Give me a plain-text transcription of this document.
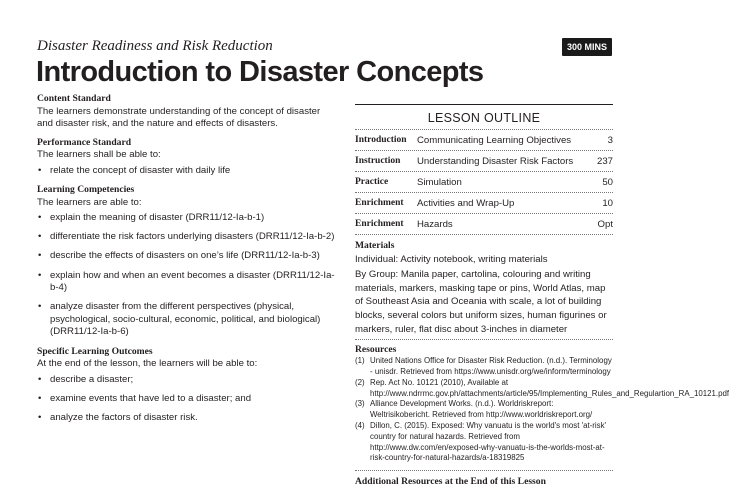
Disaster Readiness and Risk Reduction	300 MINS
Introduction to Disaster Concepts
Content Standard
The learners demonstrate understanding of the concept of disaster and disaster risk, and the nature and effects of disasters.
Performance Standard
The learners shall be able to:
• relate the concept of disaster with daily life
Learning Competencies
The learners are able to:
• explain the meaning of disaster (DRR11/12-Ia-b-1)
• differentiate the risk factors underlying disasters (DRR11/12-Ia-b-2)
• describe the effects of disasters on one’s life (DRR11/12-Ia-b-3)
• explain how and when an event becomes a disaster (DRR11/12-Ia-b-4)
• analyze disaster from the different perspectives (physical, psychological, socio-cultural, economic, political, and biological) (DRR11/12-Ia-b-6)
Specific Learning Outcomes
At the end of the lesson, the learners will be able to:
• describe a disaster;
• examine events that have led to a disaster; and
• analyze the factors of disaster risk.
LESSON OUTLINE
Introduction	Communicating Learning Objectives	3
Instruction	Understanding Disaster Risk Factors	237
Practice	Simulation	50
Enrichment	Activities and Wrap-Up	10
Enrichment	Hazards	Opt
Materials
Individual: Activity notebook, writing materials
By Group: Manila paper, cartolina, colouring and writing materials, markers, masking tape or pins, World Atlas, map of Southeast Asia and Oceania with scale, a lot of building blocks, several colors but uniform sizes, human figurines or markers, ruler, flat disc about 3-inches in diameter
Resources
(1) United Nations Office for Disaster Risk Reduction. (n.d.). Terminology - unisdr. Retrieved from https://www.unisdr.org/we/inform/terminology
(2) Rep. Act No. 10121 (2010), Available at http://www.ndrrmc.gov.ph/attachments/article/95/Implementing_Rules_and_Regulartion_RA_10121.pdf
(3) Alliance Development Works. (n.d.). Worldriskreport: Weltrisikobericht. Retrieved from http://www.worldriskreport.org/
(4) Dillon, C. (2015). Exposed: Why vanuatu is the world's most 'at-risk' country for natural hazards. Retrieved from http://www.dw.com/en/exposed-why-vanuatu-is-the-worlds-most-at-risk-country-for-natural-hazards/a-18319825
Additional Resources at the End of this Lesson
